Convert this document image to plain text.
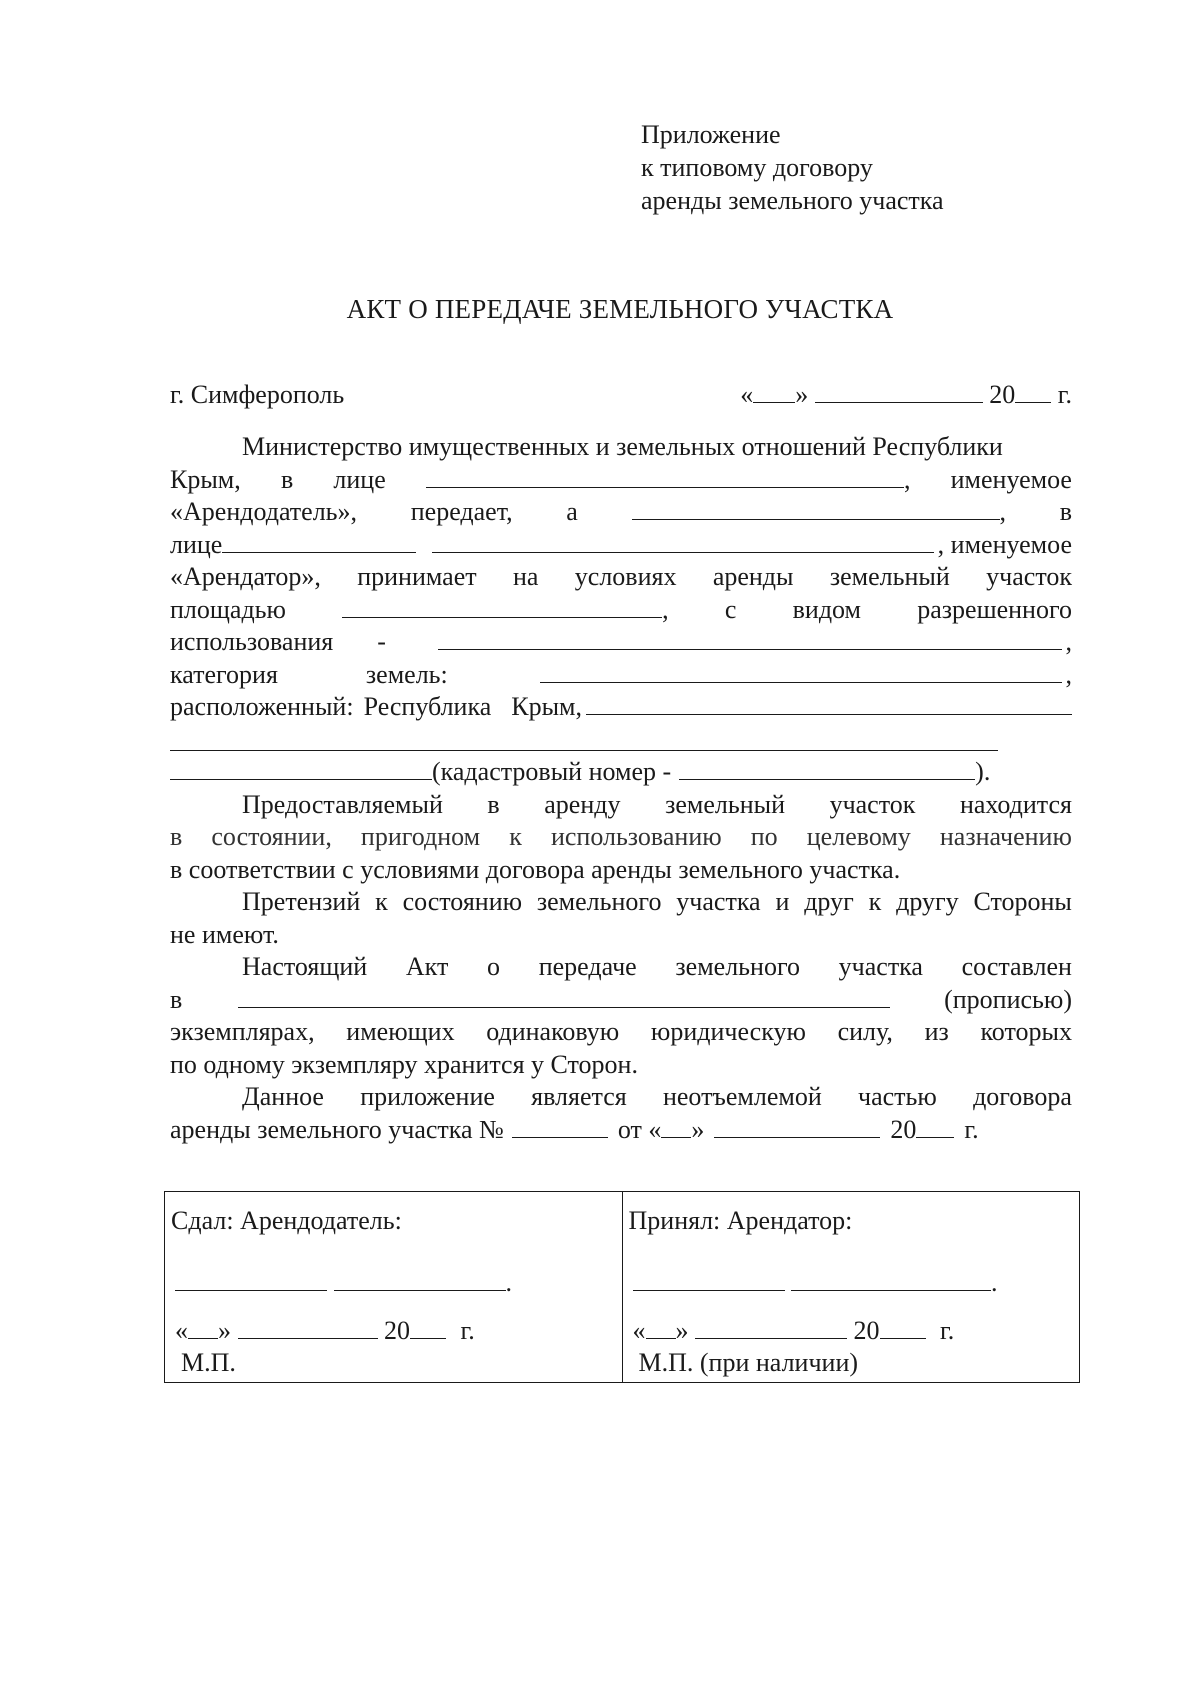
Приложение
к типовому договору
аренды земельного участка
АКТ О ПЕРЕДАЧЕ ЗЕМЕЛЬНОГО УЧАСТКА
г. Симферополь	« »	20 г.
Министерство имущественных и земельных отношений Республики
Крым, в лице	, именуемое
«Арендодатель», передает, а	, в
лице	, именуемое
«Арендатор», принимает на условиях аренды земельный участок
площадью	, с видом разрешенного
использования -	,
категория	земель:	,
расположенный: Республика Крым,
(кадастровый номер -	).
Предоставляемый в аренду земельный участок находится
в состоянии, пригодном к использованию по целевому назначению
в соответствии с условиями договора аренды земельного участка.
Претензий к состоянию земельного участка и друг к другу Стороны
не имеют.
Настоящий Акт о передаче земельного участка составлен
в	(прописью)
экземплярах, имеющих одинаковую юридическую силу, из которых
по одному экземпляру хранится у Сторон.
Данное приложение является неотъемлемой частью договора
аренды земельного участка №	от « »	20 г.
Сдал: Арендодатель:
.
« »	20 г.
М.П.

Принял: Арендатор:
.
« »	20 г.
М.П. (при наличии)
